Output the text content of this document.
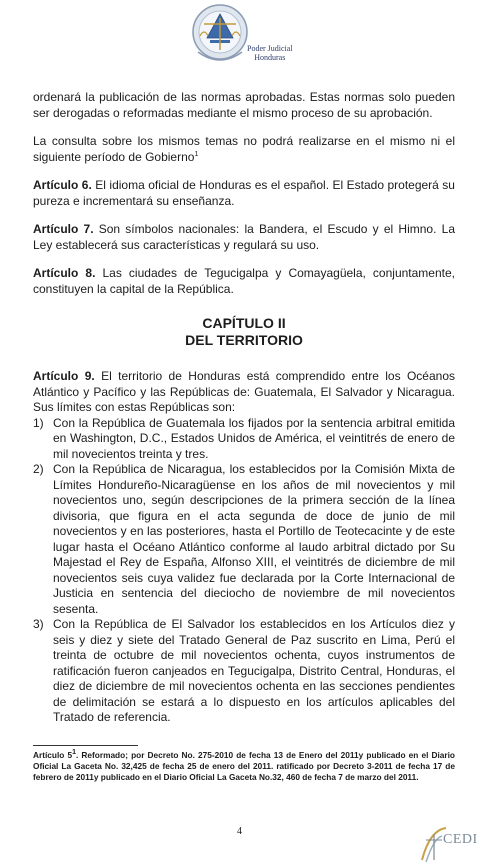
Poder Judicial
Honduras

ordenará la publicación de las normas aprobadas. Estas normas solo pueden ser derogadas o reformadas mediante el mismo proceso de su aprobación.

La consulta sobre los mismos temas no podrá realizarse en el mismo ni el siguiente período de Gobierno$^1$

Artículo 6. El idioma oficial de Honduras es el español. El Estado protegerá su pureza e incrementará su enseñanza.

Artículo 7. Son símbolos nacionales: la Bandera, el Escudo y el Himno. La Ley establecerá sus características y regulará su uso.

Artículo 8. Las ciudades de Tegucigalpa y Comayagüela, conjuntamente, constituyen la capital de la República.

CAPÍTULO II
DEL TERRITORIO

Artículo 9. El territorio de Honduras está comprendido entre los Océanos Atlántico y Pacífico y las Repúblicas de: Guatemala, El Salvador y Nicaragua. Sus límites con estas Repúblicas son:

1) Con la República de Guatemala los fijados por la sentencia arbitral emitida en Washington, D.C., Estados Unidos de América, el veintitrés de enero de mil novecientos treinta y tres.
2) Con la República de Nicaragua, los establecidos por la Comisión Mixta de Límites Hondureño-Nicaragüense en los años de mil novecientos y mil novecientos uno, según descripciones de la primera sección de la línea divisoria, que figura en el acta segunda de doce de junio de mil novecientos y en las posteriores, hasta el Portillo de Teotecacinte y de este lugar hasta el Océano Atlántico conforme al laudo arbitral dictado por Su Majestad el Rey de España, Alfonso XIII, el veintitrés de diciembre de mil novecientos seis cuya validez fue declarada por la Corte Internacional de Justicia en sentencia del dieciocho de noviembre de mil novecientos sesenta.
3) Con la República de El Salvador los establecidos en los Artículos diez y seis y diez y siete del Tratado General de Paz suscrito en Lima, Perú el treinta de octubre de mil novecientos ochenta, cuyos instrumentos de ratificación fueron canjeados en Tegucigalpa, Distrito Central, Honduras, el diez de diciembre de mil novecientos ochenta en las secciones pendientes de delimitación se estará a lo dispuesto en los artículos aplicables del Tratado de referencia.
Artículo $5^1$. Reformado; por Decreto No. 275-2010 de fecha 13 de Enero del 2011y publicado en el Diario Oficial La Gaceta No. 32,425 de fecha 25 de enero del 2011. ratificado por Decreto 3-2011 de fecha 17 de febrero de 2011y publicado en el Diario Oficial La Gaceta No.32, 460 de fecha 7 de marzo del 2011.
4
CEDI
